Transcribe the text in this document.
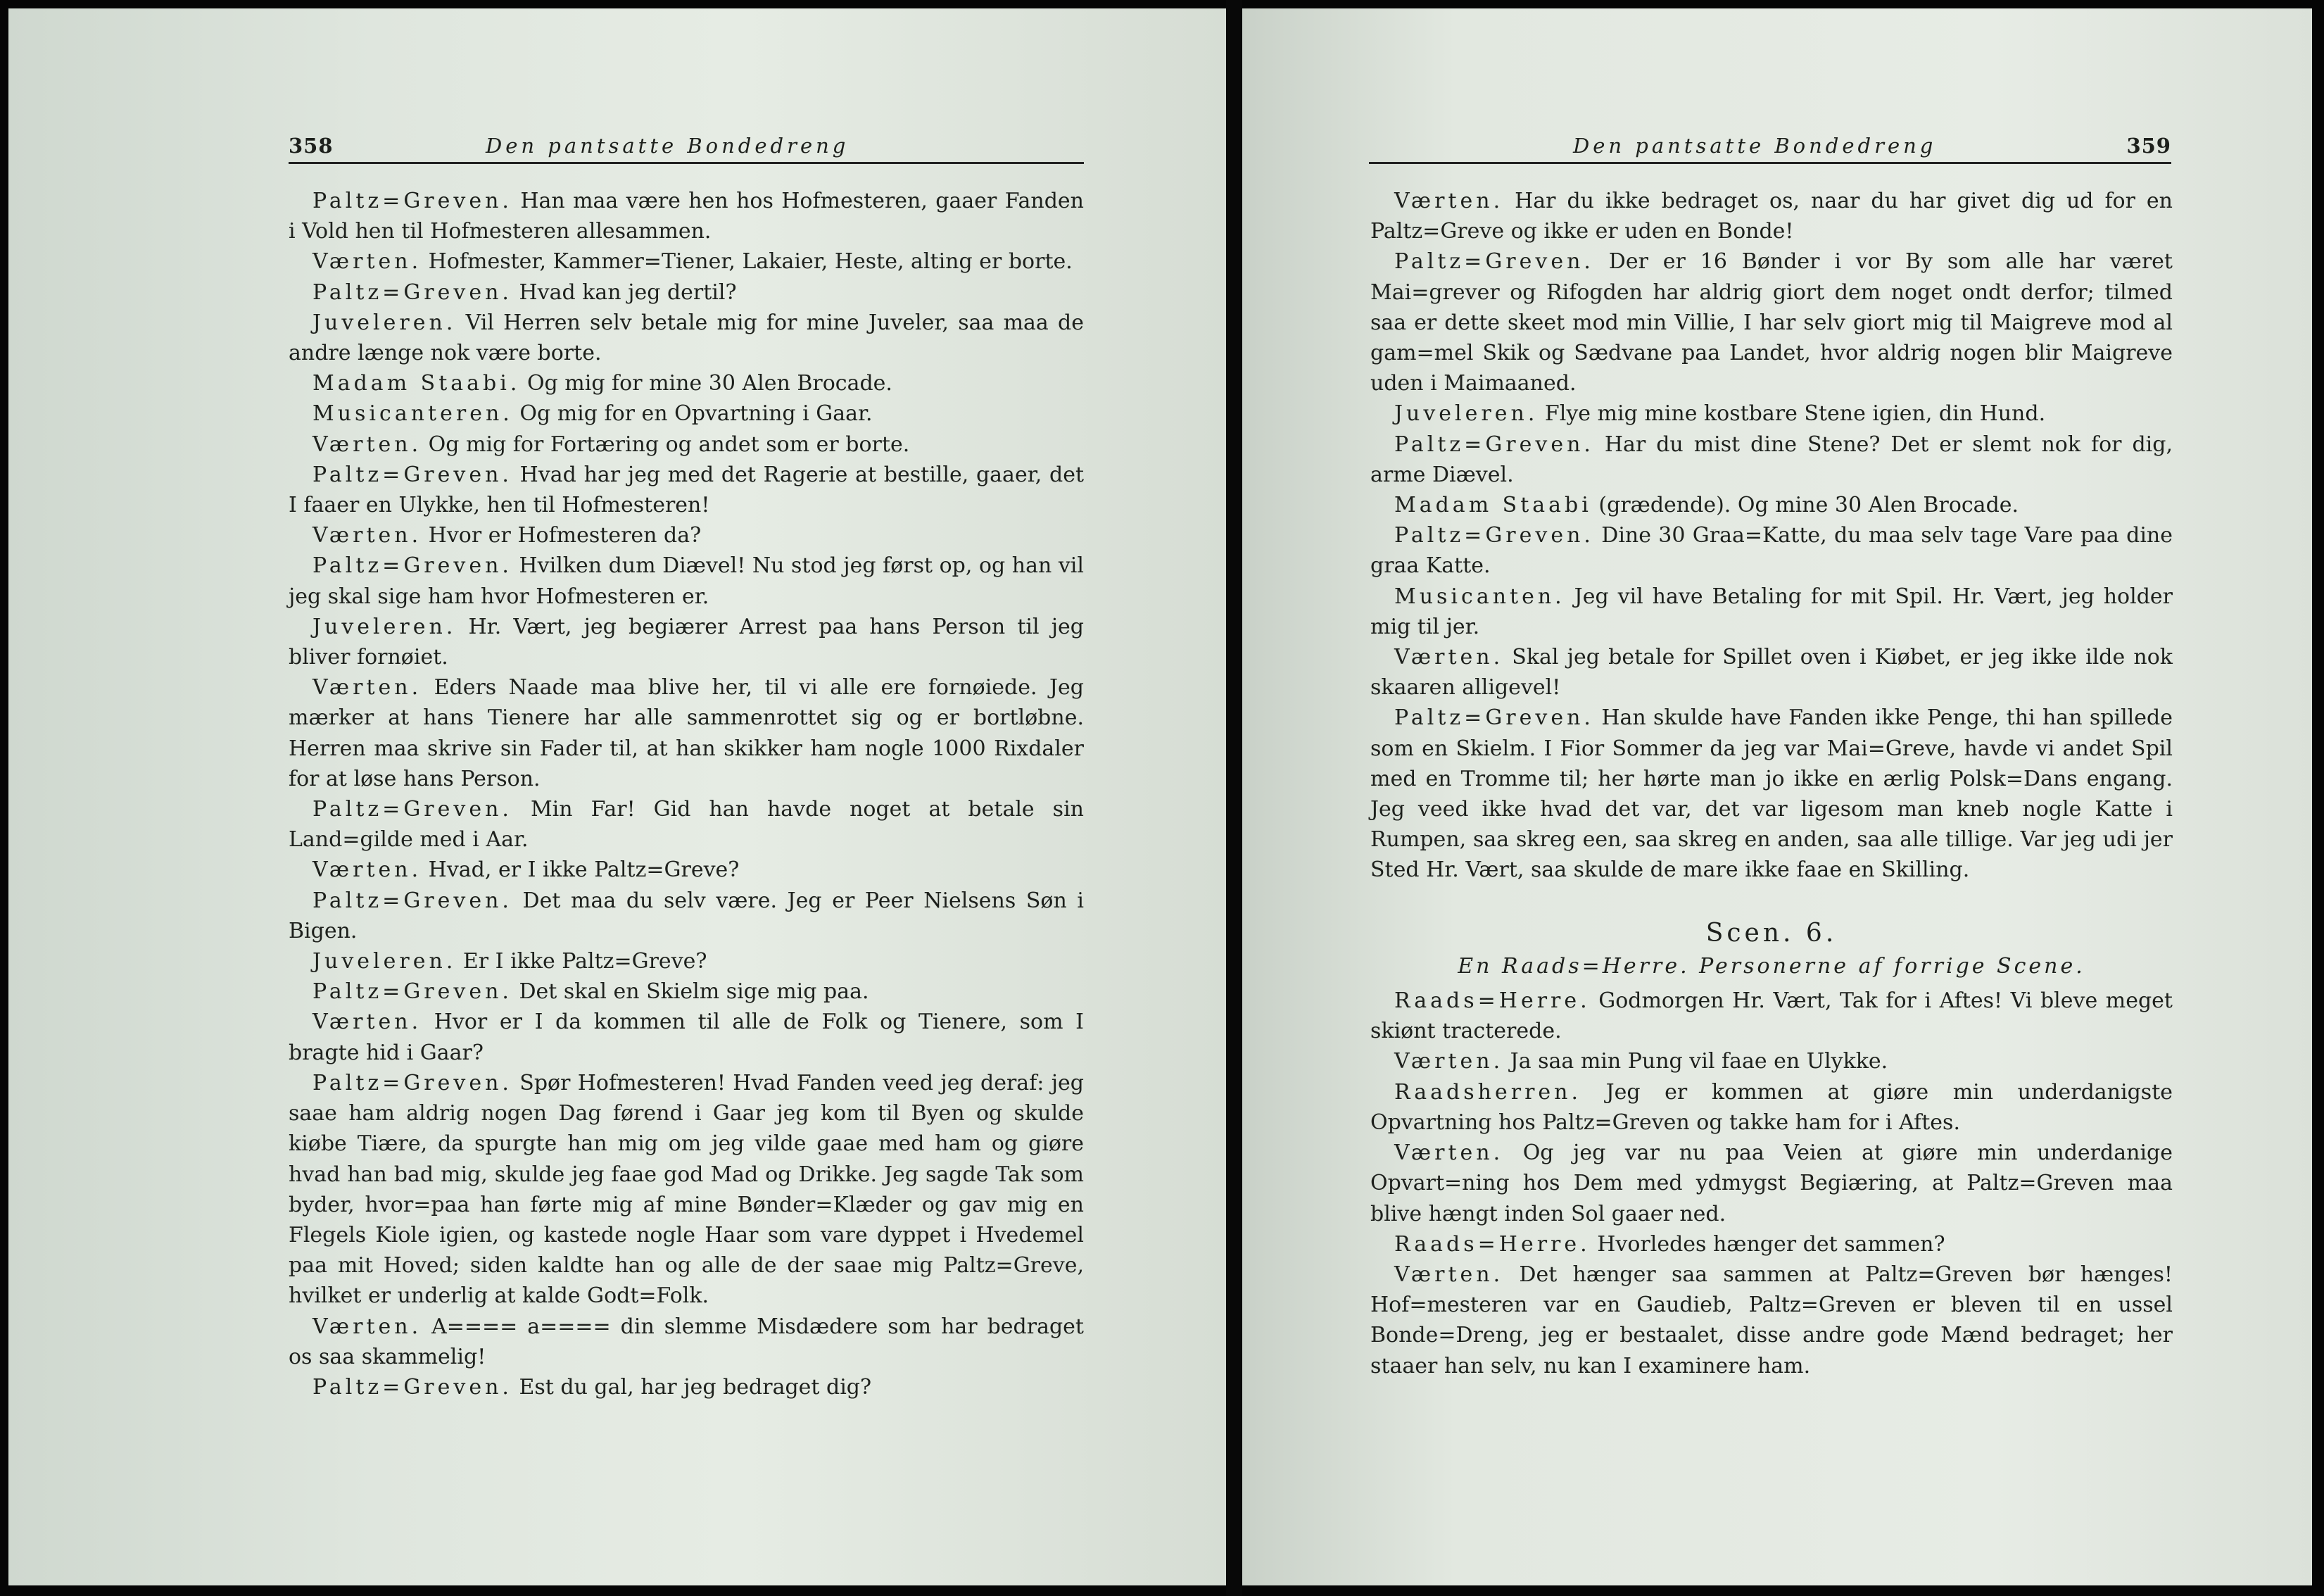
358	Den pantsatte Bondedreng

Paltz=Greven. Han maa være hen hos Hofmesteren, gaaer Fanden i Vold hen til Hofmesteren allesammen.

Værten. Hofmester, Kammer=Tiener, Lakaier, Heste, alting er borte.

Paltz=Greven. Hvad kan jeg dertil?

Juveleren. Vil Herren selv betale mig for mine Juveler, saa maa de andre længe nok være borte.

Madam Staabi. Og mig for mine 30 Alen Brocade.

Musicanteren. Og mig for en Opvartning i Gaar.

Værten. Og mig for Fortæring og andet som er borte.

Paltz=Greven. Hvad har jeg med det Ragerie at bestille, gaaer, det I faaer en Ulykke, hen til Hofmesteren!

Værten. Hvor er Hofmesteren da?

Paltz=Greven. Hvilken dum Diævel! Nu stod jeg først op, og han vil jeg skal sige ham hvor Hofmesteren er.

Juveleren. Hr. Vært, jeg begiærer Arrest paa hans Person til jeg bliver fornøiet.

Værten. Eders Naade maa blive her, til vi alle ere fornøiede. Jeg mærker at hans Tienere har alle sammenrottet sig og er bortløbne. Herren maa skrive sin Fader til, at han skikker ham nogle 1000 Rixdaler for at løse hans Person.

Paltz=Greven. Min Far! Gid han havde noget at betale sin Land=gilde med i Aar.

Værten. Hvad, er I ikke Paltz=Greve?

Paltz=Greven. Det maa du selv være. Jeg er Peer Nielsens Søn i Bigen.

Juveleren. Er I ikke Paltz=Greve?

Paltz=Greven. Det skal en Skielm sige mig paa.

Værten. Hvor er I da kommen til alle de Folk og Tienere, som I bragte hid i Gaar?

Paltz=Greven. Spør Hofmesteren! Hvad Fanden veed jeg deraf: jeg saae ham aldrig nogen Dag førend i Gaar jeg kom til Byen og skulde kiøbe Tiære, da spurgte han mig om jeg vilde gaae med ham og giøre hvad han bad mig, skulde jeg faae god Mad og Drikke. Jeg sagde Tak som byder, hvor=paa han førte mig af mine Bønder=Klæder og gav mig en Flegels Kiole igien, og kastede nogle Haar som vare dyppet i Hvedemel paa mit Hoved; siden kaldte han og alle de der saae mig Paltz=Greve, hvilket er underlig at kalde Godt=Folk.

Værten. A==== a==== din slemme Misdædere som har bedraget os saa skammelig!

Paltz=Greven. Est du gal, har jeg bedraget dig?

Den pantsatte Bondedreng	359

Værten. Har du ikke bedraget os, naar du har givet dig ud for en Paltz=Greve og ikke er uden en Bonde!

Paltz=Greven. Der er 16 Bønder i vor By som alle har været Mai=grever og Rifogden har aldrig giort dem noget ondt derfor; tilmed saa er dette skeet mod min Villie, I har selv giort mig til Maigreve mod al gam=mel Skik og Sædvane paa Landet, hvor aldrig nogen blir Maigreve uden i Maimaaned.

Juveleren. Flye mig mine kostbare Stene igien, din Hund.

Paltz=Greven. Har du mist dine Stene? Det er slemt nok for dig, arme Diævel.

Madam Staabi (grædende). Og mine 30 Alen Brocade.

Paltz=Greven. Dine 30 Graa=Katte, du maa selv tage Vare paa dine graa Katte.

Musicanten. Jeg vil have Betaling for mit Spil. Hr. Vært, jeg holder mig til jer.

Værten. Skal jeg betale for Spillet oven i Kiøbet, er jeg ikke ilde nok skaaren alligevel!

Paltz=Greven. Han skulde have Fanden ikke Penge, thi han spillede som en Skielm. I Fior Sommer da jeg var Mai=Greve, havde vi andet Spil med en Tromme til; her hørte man jo ikke en ærlig Polsk=Dans engang. Jeg veed ikke hvad det var, det var ligesom man kneb nogle Katte i Rumpen, saa skreg een, saa skreg en anden, saa alle tillige. Var jeg udi jer Sted Hr. Vært, saa skulde de mare ikke faae en Skilling.

Scen. 6.

En Raads=Herre. Personerne af forrige Scene.

Raads=Herre. Godmorgen Hr. Vært, Tak for i Aftes! Vi bleve meget skiønt tracterede.

Værten. Ja saa min Pung vil faae en Ulykke.

Raadsherren. Jeg er kommen at giøre min underdanigste Opvartning hos Paltz=Greven og takke ham for i Aftes.

Værten. Og jeg var nu paa Veien at giøre min underdanige Opvart=ning hos Dem med ydmygst Begiæring, at Paltz=Greven maa blive hængt inden Sol gaaer ned.

Raads=Herre. Hvorledes hænger det sammen?

Værten. Det hænger saa sammen at Paltz=Greven bør hænges! Hof=mesteren var en Gaudieb, Paltz=Greven er bleven til en ussel Bonde=Dreng, jeg er bestaalet, disse andre gode Mænd bedraget; her staaer han selv, nu kan I examinere ham.
